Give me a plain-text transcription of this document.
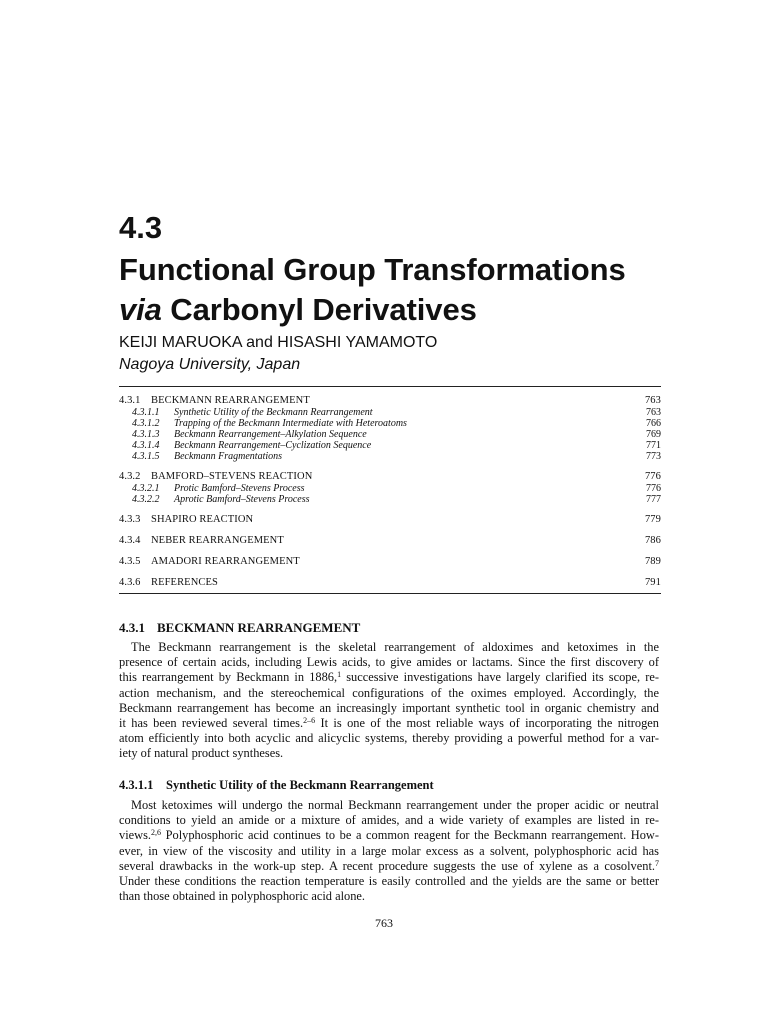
4.3
Functional Group Transformations
via Carbonyl Derivatives
KEIJI MARUOKA and HISASHI YAMAMOTO
Nagoya University, Japan
4.3.1 BECKMANN REARRANGEMENT	763
4.3.1.1 Synthetic Utility of the Beckmann Rearrangement	763
4.3.1.2 Trapping of the Beckmann Intermediate with Heteroatoms	766
4.3.1.3 Beckmann Rearrangement–Alkylation Sequence	769
4.3.1.4 Beckmann Rearrangement–Cyclization Sequence	771
4.3.1.5 Beckmann Fragmentations	773
4.3.2 BAMFORD–STEVENS REACTION	776
4.3.2.1 Protic Bamford–Stevens Process	776
4.3.2.2 Aprotic Bamford–Stevens Process	777
4.3.3 SHAPIRO REACTION	779
4.3.4 NEBER REARRANGEMENT	786
4.3.5 AMADORI REARRANGEMENT	789
4.3.6 REFERENCES	791
4.3.1 BECKMANN REARRANGEMENT
The Beckmann rearrangement is the skeletal rearrangement of aldoximes and ketoximes in the
presence of certain acids, including Lewis acids, to give amides or lactams. Since the first discovery of
this rearrangement by Beckmann in 1886,$^1$ successive investigations have largely clarified its scope, re-
action mechanism, and the stereochemical configurations of the oximes employed. Accordingly, the
Beckmann rearrangement has become an increasingly important synthetic tool in organic chemistry and
it has been reviewed several times.$^{2-6}$ It is one of the most reliable ways of incorporating the nitrogen
atom efficiently into both acyclic and alicyclic systems, thereby providing a powerful method for a var-
iety of natural product syntheses.
4.3.1.1 Synthetic Utility of the Beckmann Rearrangement
Most ketoximes will undergo the normal Beckmann rearrangement under the proper acidic or neutral
conditions to yield an amide or a mixture of amides, and a wide variety of examples are listed in re-
views.$^{2,6}$ Polyphosphoric acid continues to be a common reagent for the Beckmann rearrangement. How-
ever, in view of the viscosity and utility in a large molar excess as a solvent, polyphosphoric acid has
several drawbacks in the work-up step. A recent procedure suggests the use of xylene as a cosolvent.$^7$
Under these conditions the reaction temperature is easily controlled and the yields are the same or better
than those obtained in polyphosphoric acid alone.
763
